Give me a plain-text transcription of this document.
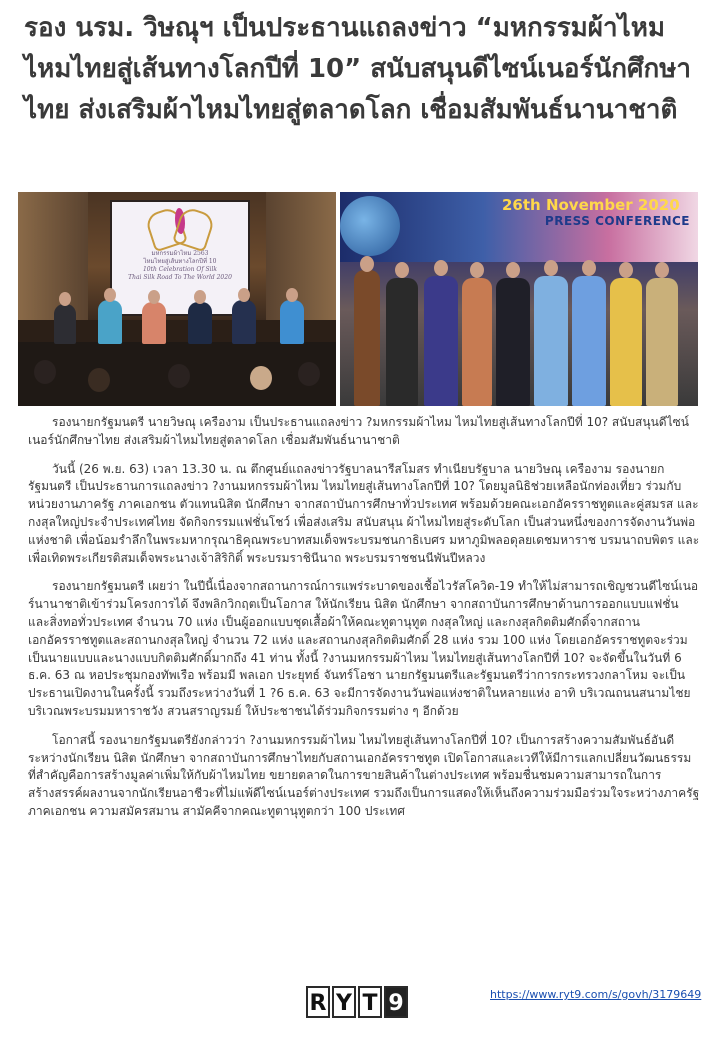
รอง นรม. วิษณุฯ เป็นประธานแถลงข่าว “มหกรรมผ้าไหมไหมไทยสู่เส้นทางโลกปีที่ 10” สนับสนุนดีไซน์เนอร์นักศึกษาไทย ส่งเสริมผ้าไหมไทยสู่ตลาดโลก เชื่อมสัมพันธ์นานาชาติ
มหกรรมผ้าไหม 2563
ไหมไทยสู่เส้นทางโลกปีที่ 10
10th Celebration Of Silk
Thai Silk Road To The World 2020
26th November 2020
PRESS CONFERENCE

รองนายกรัฐมนตรี นายวิษณุ เครืองาม เป็นประธานแถลงข่าว ?มหกรรมผ้าไหม ไหมไทยสู่เส้นทางโลกปีที่ 10? สนับสนุนดีไซน์เนอร์นักศึกษาไทย ส่งเสริมผ้าไหมไทยสู่ตลาดโลก เชื่อมสัมพันธ์นานาชาติ

วันนี้ (26 พ.ย. 63) เวลา 13.30 น. ณ ตึกศูนย์แถลงข่าวรัฐบาลนารีสโมสร ทำเนียบรัฐบาล นายวิษณุ เครืองาม รองนายกรัฐมนตรี เป็นประธานการแถลงข่าว ?งานมหกรรมผ้าไหม ไหมไทยสู่เส้นทางโลกปีที่ 10? โดยมูลนิธิช่วยเหลือนักท่องเที่ยว ร่วมกับหน่วยงานภาครัฐ ภาคเอกชน ตัวแทนนิสิต นักศึกษา จากสถาบันการศึกษาทั่วประเทศ พร้อมด้วยคณะเอกอัครราชทูตและคู่สมรส และกงสุลใหญ่ประจำประเทศไทย จัดกิจกรรมแฟชั่นโชว์ เพื่อส่งเสริม สนับสนุน ผ้าไหมไทยสู่ระดับโลก เป็นส่วนหนึ่งของการจัดงานวันพ่อแห่งชาติ เพื่อน้อมรำลึกในพระมหากรุณาธิคุณพระบาทสมเด็จพระบรมชนกาธิเบศร มหาภูมิพลอดุลยเดชมหาราช บรมนาถบพิตร และเพื่อเทิดพระเกียรติสมเด็จพระนางเจ้าสิริกิติ์ พระบรมราชินีนาถ พระบรมราชชนนีพันปีหลวง

รองนายกรัฐมนตรี เผยว่า ในปีนี้เนื่องจากสถานการณ์การแพร่ระบาดของเชื้อไวรัสโควิด-19 ทำให้ไม่สามารถเชิญชวนดีไซน์เนอร์นานาชาติเข้าร่วมโครงการได้ จึงพลิกวิกฤตเป็นโอกาส ให้นักเรียน นิสิต นักศึกษา จากสถาบันการศึกษาด้านการออกแบบแฟชั่นและสิ่งทอทั่วประเทศ จำนวน 70 แห่ง เป็นผู้ออกแบบชุดเสื้อผ้าให้คณะทูตานุทูต กงสุลใหญ่ และกงสุลกิตติมศักดิ์จากสถานเอกอัครราชทูตและสถานกงสุลใหญ่ จำนวน 72 แห่ง และสถานกงสุลกิตติมศักดิ์ 28 แห่ง รวม 100 แห่ง โดยเอกอัครราชทูตจะร่วมเป็นนายแบบและนางแบบกิตติมศักดิ์มากถึง 41 ท่าน ทั้งนี้ ?งานมหกรรมผ้าไหม ไหมไทยสู่เส้นทางโลกปีที่ 10? จะจัดขึ้นในวันที่ 6 ธ.ค. 63 ณ หอประชุมกองทัพเรือ พร้อมมี พลเอก ประยุทธ์ จันทร์โอชา นายกรัฐมนตรีและรัฐมนตรีว่าการกระทรวงกลาโหม จะเป็นประธานเปิดงานในครั้งนี้ รวมถึงระหว่างวันที่ 1 ?6 ธ.ค. 63 จะมีการจัดงานวันพ่อแห่งชาติในหลายแห่ง อาทิ บริเวณถนนสนามไชย บริเวณพระบรมมหาราชวัง สวนสราญรมย์ ให้ประชาชนได้ร่วมกิจกรรมต่าง ๆ อีกด้วย

โอกาสนี้ รองนายกรัฐมนตรียังกล่าวว่า ?งานมหกรรมผ้าไหม ไหมไทยสู่เส้นทางโลกปีที่ 10? เป็นการสร้างความสัมพันธ์อันดีระหว่างนักเรียน นิสิต นักศึกษา จากสถาบันการศึกษาไทยกับสถานเอกอัครราชทูต เปิดโอกาสและเวทีให้มีการแลกเปลี่ยนวัฒนธรรม ที่สำคัญคือการสร้างมูลค่าเพิ่มให้กับผ้าไหมไทย ขยายตลาดในการขายสินค้าในต่างประเทศ พร้อมชื่นชมความสามารถในการสร้างสรรค์ผลงานจากนักเรียนอาชีวะที่ไม่แพ้ดีไซน์เนอร์ต่างประเทศ รวมถึงเป็นการแสดงให้เห็นถึงความร่วมมือร่วมใจระหว่างภาครัฐ ภาคเอกชน ความสมัครสมาน สามัคคีจากคณะทูตานุทูตกว่า 100 ประเทศ

R Y T 9	https://www.ryt9.com/s/govh/3179649
